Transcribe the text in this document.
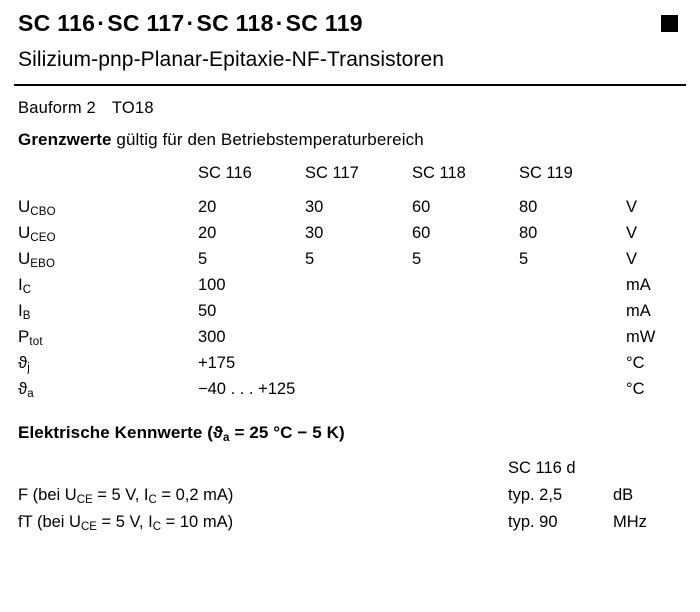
SC 116·SC 117·SC 118·SC 119
Silizium-pnp-Planar-Epitaxie-NF-Transistoren
Bauform 2 TO18
Grenzwerte gültig für den Betriebstemperaturbereich
	SC 116	SC 117	SC 118	SC 119	
$U_{CBO}$	20	30	60	80	V
$U_{CEO}$	20	30	60	80	V
$U_{EBO}$	5	5	5	5	V
$I_C$	100				mA
$I_B$	50				mA
$P_{tot}$	300				mW
$ϑ_j$	+175				°C
$ϑ_a$	−40 . . . +125				°C
Elektrische Kennwerte ($ϑ_a = 25$ °C − 5 K)
	SC 116 d	
F (bei $U_{CE} = 5$ V, $I_C = 0,2$ mA)	typ. 2,5	dB
fT (bei $U_{CE} = 5$ V, $I_C = 10$ mA)	typ. 90	MHz
